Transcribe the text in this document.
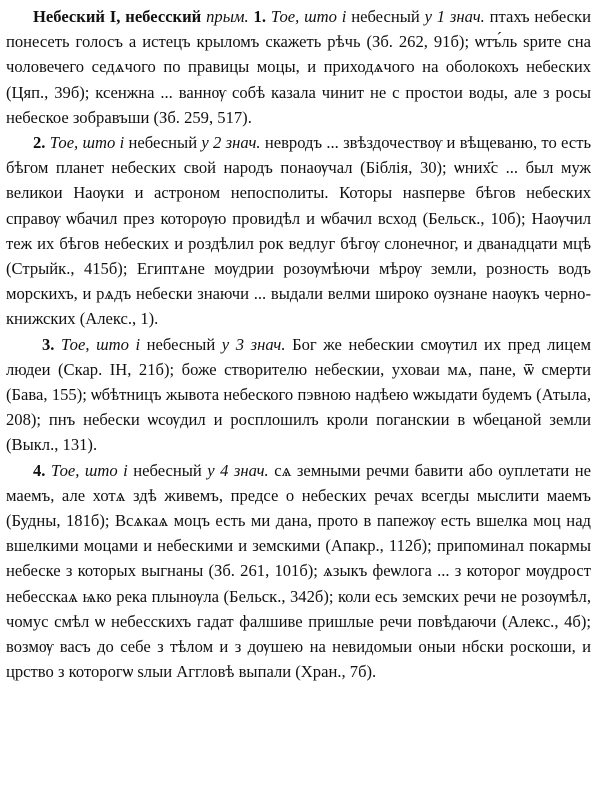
Небеский I, небесский прым. 1. Тое, што і небесный у 1 знач. птахъ небески понесеть голосъ а истецъ крыломъ скажеть рѣчь (Зб. 262, 91б); ѡтъ́ль ѕрите сна чоловечего седѧчого по правицы моцы, и приходѧчого на оболокохъ небеских (Цяп., 39б); ксенжна ... ваннѹ собѣ казала чинит не с простои воды, але з росы небеское зобравъши (Зб. 259, 517).

2. Тое, што і небесный у 2 знач. невродъ ... звѣздочествѹ и вѣщеваню, то есть бѣгом планет небеских свой народъ понаѹчал (Біблія, 30); ѡних҃с ... был муж великои Наѹки и астроном непосполиты. Которы наѕперве бѣгов небеских справѹ ѡбачил през которѹю провидѣл и ѡбачил всход (Бельск., 10б); Наѹчил теж их бѣгов небеских и роздѣлил рок ведлуг бѣгѹ слонечног, и дванадцати мцѣ (Стрыйк., 415б); Египтѧне мѹдрии розѹмѣючи мѣрѹ земли, розность водъ морскихъ, и рѧдъ небески знаючи ... выдали велми широко ѹзнане наѹкъ черно-книжских (Алекс., 1).

3. Тое, што і небесный у 3 знач. Бог же небескии смѹтил их пред лицем людеи (Скар. ІН, 21б); боже створителю небескии, уховаи мѧ, пане, ѿ смерти (Бава, 155); ѡбѣтницъ жывота небеского пэвною надѣею ѡжыдати будемъ (Атыла, 208); пнъ небески ѡсѹдил и росплошилъ кроли поганскии в ѡбецаной земли (Выкл., 131).

4. Тое, што і небесный у 4 знач. сѧ земными речми бавити або оуплетати не маемъ, але хотѧ здѣ живемъ, предсе о небеских речах всегды мыслити маемъ (Будны, 181б); Всѧкаѧ моцъ есть ми дана, прото в папежѹ есть вшелка моц над вшелкими моцами и небескими и земскими (Апакр., 112б); припоминал покармы небеске з которых выгнаны (Зб. 261, 101б); ѧзыкъ феѡлога ... з которог мѹдрост небесскаѧ ѩко река плынѹла (Бельск., 342б); коли есь земских речи не розѹмѣл, чомус смѣл ѡ небесскихъ гадат фалшиве пришлые речи повѣдаючи (Алекс., 4б); возмѹ васъ до себе з тѣлом и з дѹшею на невидомыи оныи нбски роскоши, и црство з которогѡ ѕлыи Аггловѣ выпали (Хран., 7б).
